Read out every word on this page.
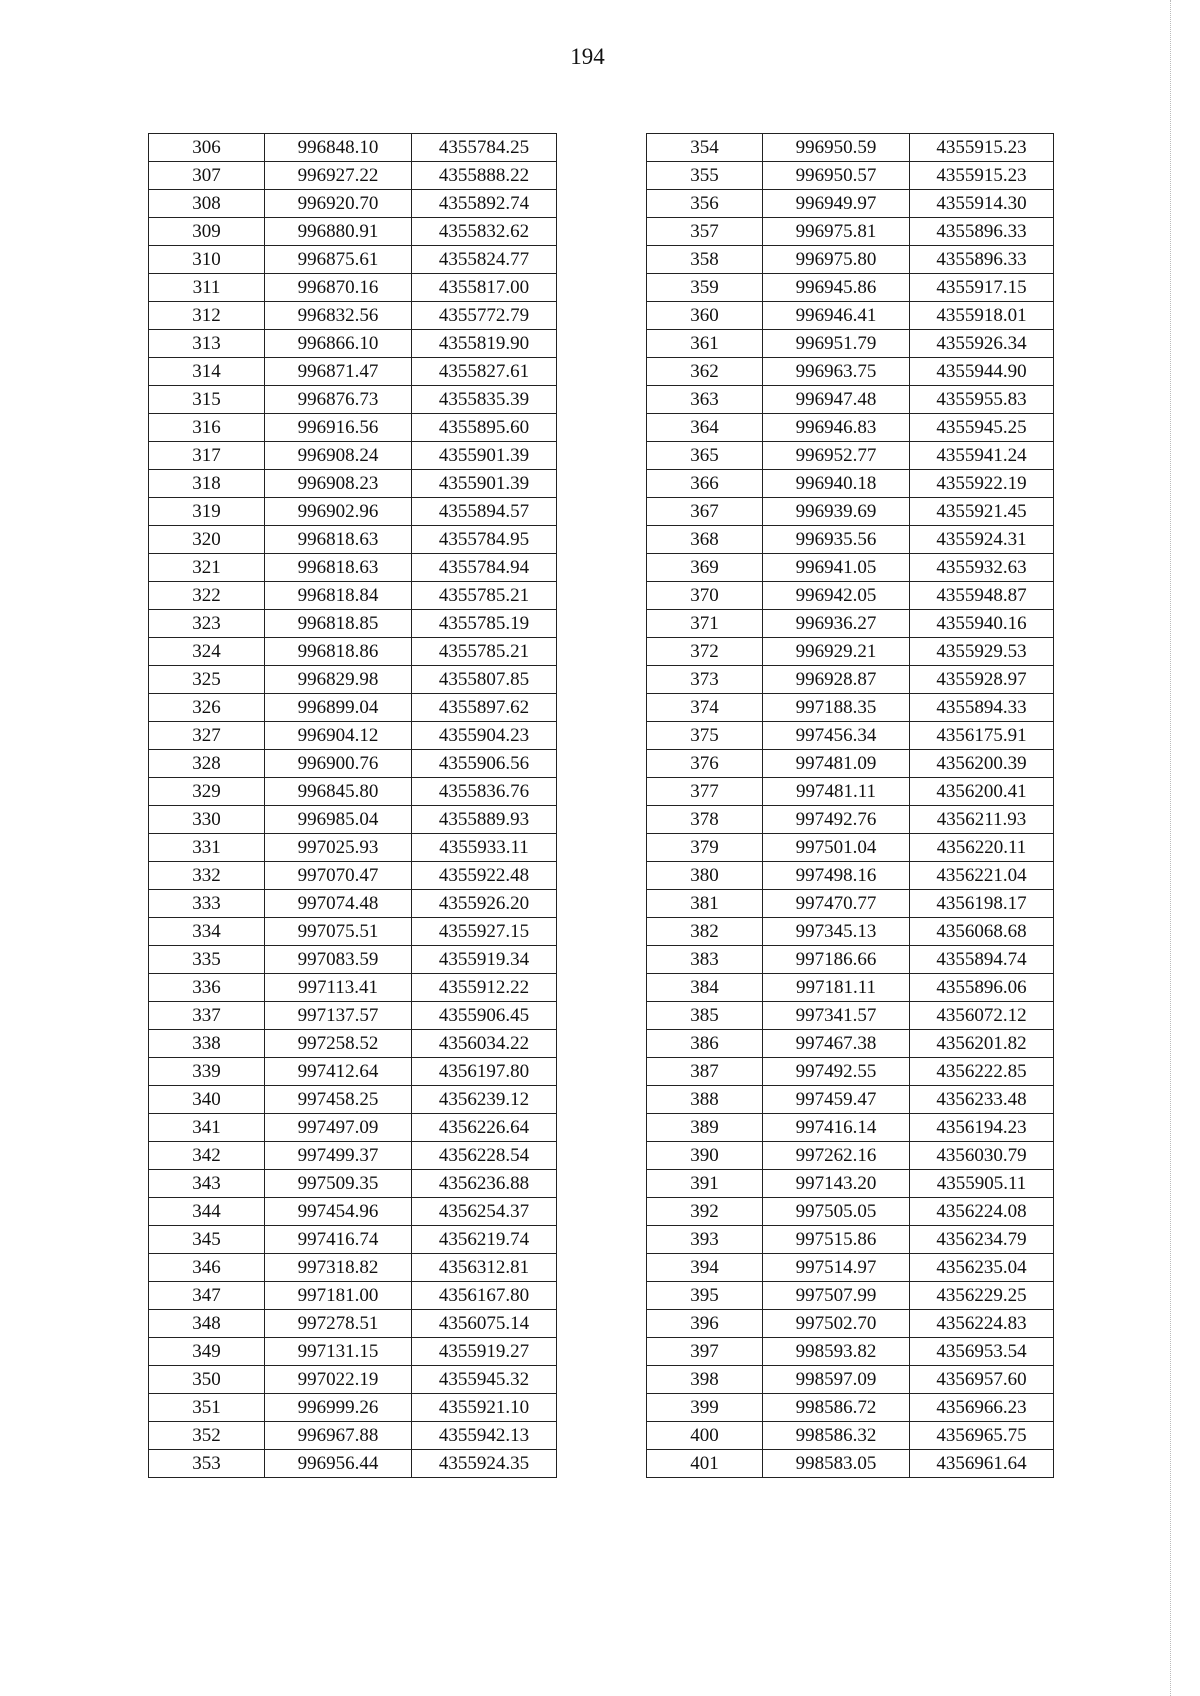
194
306	996848.10	4355784.25
307	996927.22	4355888.22
308	996920.70	4355892.74
309	996880.91	4355832.62
310	996875.61	4355824.77
311	996870.16	4355817.00
312	996832.56	4355772.79
313	996866.10	4355819.90
314	996871.47	4355827.61
315	996876.73	4355835.39
316	996916.56	4355895.60
317	996908.24	4355901.39
318	996908.23	4355901.39
319	996902.96	4355894.57
320	996818.63	4355784.95
321	996818.63	4355784.94
322	996818.84	4355785.21
323	996818.85	4355785.19
324	996818.86	4355785.21
325	996829.98	4355807.85
326	996899.04	4355897.62
327	996904.12	4355904.23
328	996900.76	4355906.56
329	996845.80	4355836.76
330	996985.04	4355889.93
331	997025.93	4355933.11
332	997070.47	4355922.48
333	997074.48	4355926.20
334	997075.51	4355927.15
335	997083.59	4355919.34
336	997113.41	4355912.22
337	997137.57	4355906.45
338	997258.52	4356034.22
339	997412.64	4356197.80
340	997458.25	4356239.12
341	997497.09	4356226.64
342	997499.37	4356228.54
343	997509.35	4356236.88
344	997454.96	4356254.37
345	997416.74	4356219.74
346	997318.82	4356312.81
347	997181.00	4356167.80
348	997278.51	4356075.14
349	997131.15	4355919.27
350	997022.19	4355945.32
351	996999.26	4355921.10
352	996967.88	4355942.13
353	996956.44	4355924.35
354	996950.59	4355915.23
355	996950.57	4355915.23
356	996949.97	4355914.30
357	996975.81	4355896.33
358	996975.80	4355896.33
359	996945.86	4355917.15
360	996946.41	4355918.01
361	996951.79	4355926.34
362	996963.75	4355944.90
363	996947.48	4355955.83
364	996946.83	4355945.25
365	996952.77	4355941.24
366	996940.18	4355922.19
367	996939.69	4355921.45
368	996935.56	4355924.31
369	996941.05	4355932.63
370	996942.05	4355948.87
371	996936.27	4355940.16
372	996929.21	4355929.53
373	996928.87	4355928.97
374	997188.35	4355894.33
375	997456.34	4356175.91
376	997481.09	4356200.39
377	997481.11	4356200.41
378	997492.76	4356211.93
379	997501.04	4356220.11
380	997498.16	4356221.04
381	997470.77	4356198.17
382	997345.13	4356068.68
383	997186.66	4355894.74
384	997181.11	4355896.06
385	997341.57	4356072.12
386	997467.38	4356201.82
387	997492.55	4356222.85
388	997459.47	4356233.48
389	997416.14	4356194.23
390	997262.16	4356030.79
391	997143.20	4355905.11
392	997505.05	4356224.08
393	997515.86	4356234.79
394	997514.97	4356235.04
395	997507.99	4356229.25
396	997502.70	4356224.83
397	998593.82	4356953.54
398	998597.09	4356957.60
399	998586.72	4356966.23
400	998586.32	4356965.75
401	998583.05	4356961.64
